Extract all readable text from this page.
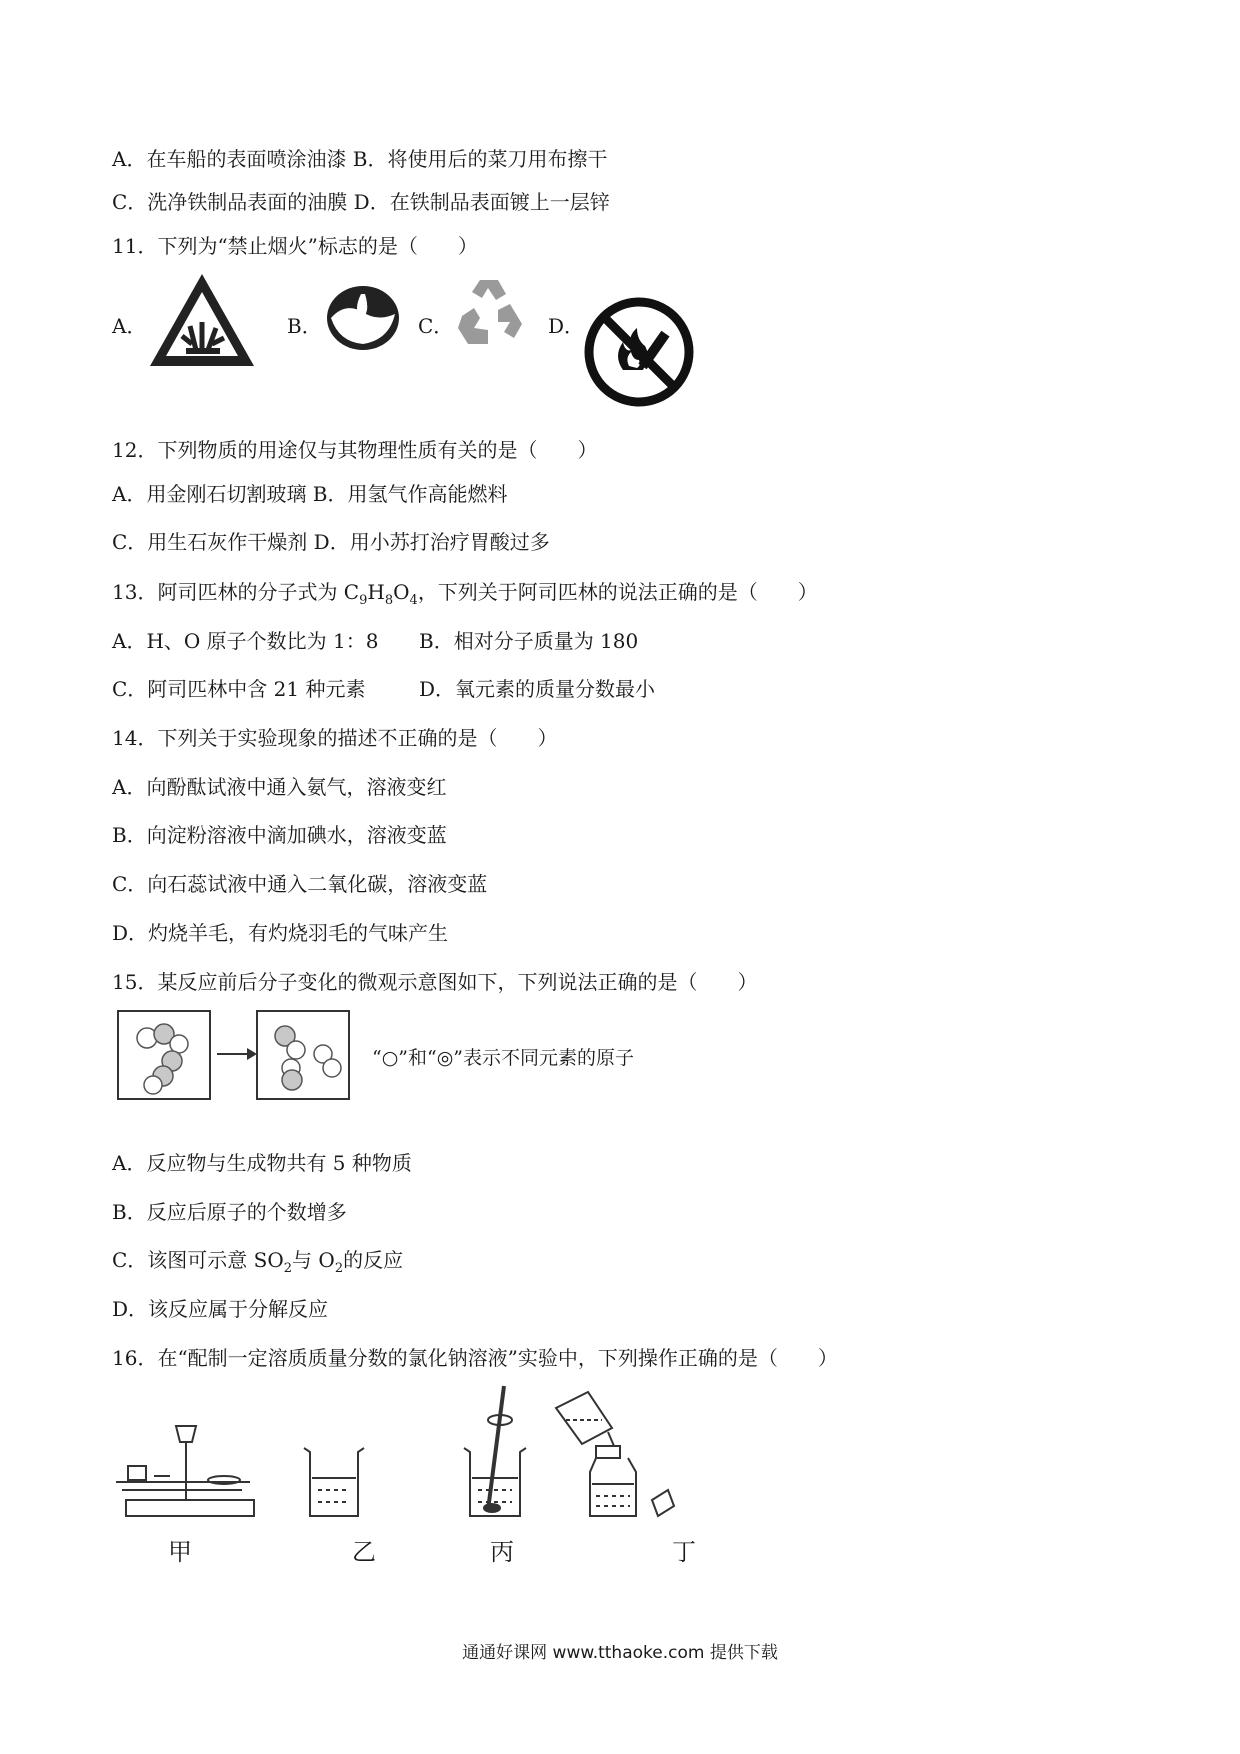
A．在车船的表面喷涂油漆 B．将使用后的菜刀用布擦干
C．洗净铁制品表面的油膜 D．在铁制品表面镀上一层锌
11．下列为“禁止烟火”标志的是（　　）
A．	B．	C．	D．
12．下列物质的用途仅与其物理性质有关的是（　　）
A．用金刚石切割玻璃 B．用氢气作高能燃料
C．用生石灰作干燥剂 D．用小苏打治疗胃酸过多
13．阿司匹林的分子式为 $C_9H_8O_4$，下列关于阿司匹林的说法正确的是（　　）
A．H、O 原子个数比为 1：8 B．相对分子质量为 180
C．阿司匹林中含 21 种元素	D．氧元素的质量分数最小
14．下列关于实验现象的描述不正确的是（　　）
A．向酚酞试液中通入氨气，溶液变红
B．向淀粉溶液中滴加碘水，溶液变蓝
C．向石蕊试液中通入二氧化碳，溶液变蓝
D．灼烧羊毛，有灼烧羽毛的气味产生
15．某反应前后分子变化的微观示意图如下，下列说法正确的是（　　）
“○”和“◎”表示不同元素的原子
A．反应物与生成物共有 5 种物质
B．反应后原子的个数增多
C．该图可示意 $SO_2$与 $O_2$的反应
D．该反应属于分解反应
16．在“配制一定溶质质量分数的氯化钠溶液”实验中，下列操作正确的是（　　）
甲	乙	丙	丁
通通好课网 www.tthaoke.com 提供下载
